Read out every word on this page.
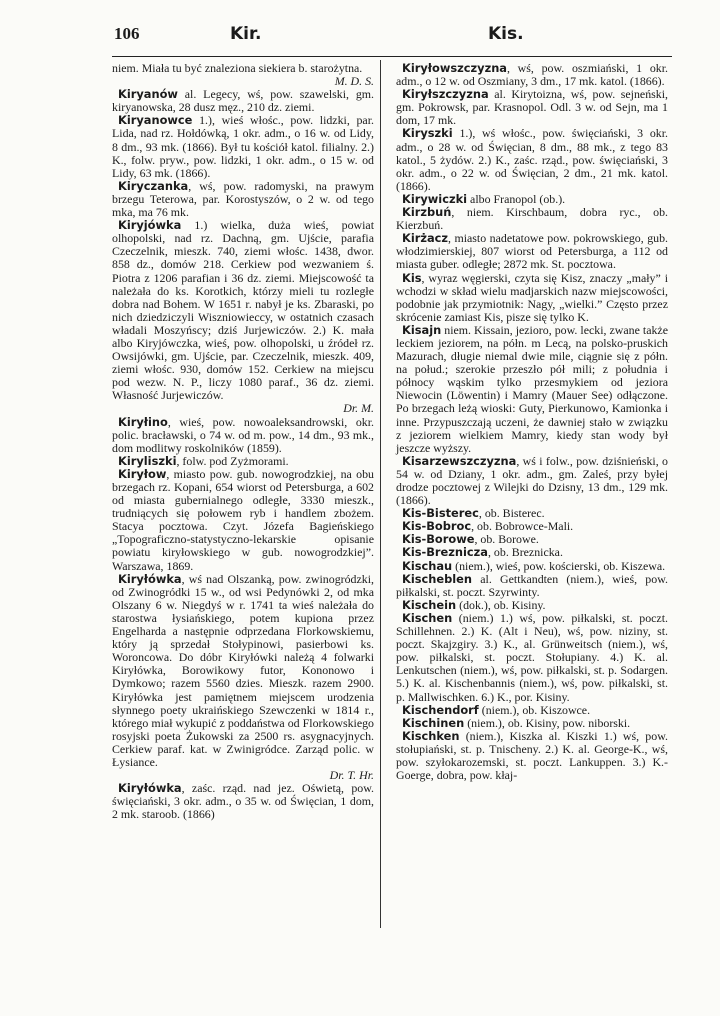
106	Kir.	Kis.

niem. Miała tu być znaleziona siekiera b. starożytna.
M. D. S.

Kiryanów al. Legecy, wś, pow. szawelski, gm. kiryanowska, 28 dusz męz., 210 dz. ziemi.

Kiryanowce 1.), wieś włośc., pow. lidzki, par. Lida, nad rz. Hołdówką, 1 okr. adm., o 16 w. od Lidy, 8 dm., 93 mk. (1866). Był tu kościół katol. filialny. 2.) K., folw. pryw., pow. lidzki, 1 okr. adm., o 15 w. od Lidy, 63 mk. (1866).

Kiryczanka, wś, pow. radomyski, na prawym brzegu Teterowa, par. Korostyszów, o 2 w. od tego mka, ma 76 mk.

Kiryjówka 1.) wielka, duża wieś, powiat olhopolski, nad rz. Dachną, gm. Ujście, parafia Czeczelnik, mieszk. 740, ziemi włośc. 1438, dwor. 858 dz., domów 218. Cerkiew pod wezwaniem ś. Piotra z 1206 parafian i 36 dz. ziemi. Miejscowość ta należała do ks. Korotkich, którzy mieli tu rozległe dobra nad Bohem. W 1651 r. nabył je ks. Zbaraski, po nich dziedziczyli Wiszniowieccy, w ostatnich czasach władali Moszyńscy; dziś Jurjewiczów. 2.) K. mała albo Kiryjówczka, wieś, pow. olhopolski, u źródeł rz. Owsijówki, gm. Ujście, par. Czeczelnik, mieszk. 409, ziemi włośc. 930, domów 152. Cerkiew na miejscu pod wezw. N. P., liczy 1080 paraf., 36 dz. ziemi. Własność Jurjewiczów.
Dr. M.

Kiryłino, wieś, pow. nowoaleksandrowski, okr. polic. bracławski, o 74 w. od m. pow., 14 dm., 93 mk., dom modlitwy roskolników (1859).

Kiryliszki, folw. pod Zyżmorami.

Kiryłow, miasto pow. gub. nowogrodzkiej, na obu brzegach rz. Kopani, 654 wiorst od Petersburga, a 602 od miasta gubernialnego odległe, 3330 mieszk., trudniących się połowem ryb i handlem zbożem. Stacya pocztowa. Czyt. Józefa Bagieńskiego „Topograficzno-statystyczno-lekarskie opisanie powiatu kiryłowskiego w gub. nowogrodzkiej”. Warszawa, 1869.

Kiryłówka, wś nad Olszanką, pow. zwinogródzki, od Zwinogródki 15 w., od wsi Pedynówki 2, od mka Olszany 6 w. Niegdyś w r. 1741 ta wieś należała do starostwa łysiańskiego, potem kupiona przez Engelharda a następnie odprzedana Florkowskiemu, który ją sprzedał Stołypinowi, pasierbowi ks. Woroncowa. Do dóbr Kiryłówki należą 4 folwarki Kiryłówka, Borowikowy futor, Kononowo i Dymkowo; razem 5560 dzies. Mieszk. razem 2900. Kiryłówka jest pamiętnem miejscem urodzenia słynnego poety ukraińskiego Szewczenki w 1814 r., którego miał wykupić z poddaństwa od Florkowskiego rosyjski poeta Żukowski za 2500 rs. asygnacyjnych. Cerkiew paraf. kat. w Zwinigródce. Zarząd polic. w Łysiance.
Dr. T. Hr.

Kiryłówka, zaśc. rząd. nad jez. Oświetą, pow. święciański, 3 okr. adm., o 35 w. od Święcian, 1 dom, 2 mk. staroob. (1866)

Kiryłowszczyzna, wś, pow. oszmiański, 1 okr. adm., o 12 w. od Oszmiany, 3 dm., 17 mk. katol. (1866).

Kiryłszczyzna al. Kirytoizna, wś, pow. sejneński, gm. Pokrowsk, par. Krasnopol. Odl. 3 w. od Sejn, ma 1 dom, 17 mk.

Kiryszki 1.), wś włośc., pow. święciański, 3 okr. adm., o 28 w. od Święcian, 8 dm., 88 mk., z tego 83 katol., 5 żydów. 2.) K., zaśc. rząd., pow. święciański, 3 okr. adm., o 22 w. od Święcian, 2 dm., 21 mk. katol. (1866).

Kirywiczki albo Franopol (ob.).

Kirzbuń, niem. Kirschbaum, dobra ryc., ob. Kierzbuń.

Kirżacz, miasto nadetatowe pow. pokrowskiego, gub. włodzimierskiej, 807 wiorst od Petersburga, a 112 od miasta guber. odległe; 2872 mk. St. pocztowa.

Kis, wyraz węgierski, czyta się Kisz, znaczy „mały” i wchodzi w skład wielu madjarskich nazw miejscowości, podobnie jak przymiotnik: Nagy, „wielki.” Często przez skrócenie zamiast Kis, pisze się tylko K.

Kisajn niem. Kissain, jezioro, pow. lecki, zwane także leckiem jeziorem, na półn. m Lecą, na polsko-pruskich Mazurach, długie niemal dwie mile, ciągnie się z półn. na połud.; szerokie przeszło pół mili; z południa i północy wąskim tylko przesmykiem od jeziora Niewocin (Löwentin) i Mamry (Mauer See) odłączone. Po brzegach leżą wioski: Guty, Pierkunowo, Kamionka i inne. Przypuszczają uczeni, że dawniej stało w związku z jeziorem wielkiem Mamry, kiedy stan wody był jeszcze wyższy.

Kisarzewszczyzna, wś i folw., pow. dziśnieński, o 54 w. od Dziany, 1 okr. adm., gm. Zaleś, przy byłej drodze pocztowej z Wilejki do Dzisny, 13 dm., 129 mk. (1866).

Kis-Bisterec, ob. Bisterec.

Kis-Bobroc, ob. Bobrowce-Mali.

Kis-Borowe, ob. Borowe.

Kis-Breznicza, ob. Breznicka.

Kischau (niem.), wieś, pow. kościerski, ob. Kiszewa.

Kischeblen al. Gettkandten (niem.), wieś, pow. piłkalski, st. poczt. Szyrwinty.

Kischein (dok.), ob. Kisiny.

Kischen (niem.) 1.) wś, pow. piłkalski, st. poczt. Schillehnen. 2.) K. (Alt i Neu), wś, pow. niziny, st. poczt. Skajzgiry. 3.) K., al. Grünweitsch (niem.), wś, pow. piłkalski, st. poczt. Stołupiany. 4.) K. al. Lenkutschen (niem.), wś, pow. piłkalski, st. p. Sodargen. 5.) K. al. Kischenbannis (niem.), wś, pow. piłkalski, st. p. Mallwischken. 6.) K., por. Kisiny.

Kischendorf (niem.), ob. Kiszowce.

Kischinen (niem.), ob. Kisiny, pow. niborski.

Kischken (niem.), Kiszka al. Kiszki 1.) wś, pow. stołupiański, st. p. Tnischeny. 2.) K. al. George-K., wś, pow. szyłokarozemski, st. poczt. Lankuppen. 3.) K.-Goerge, dobra, pow. kłaj-
